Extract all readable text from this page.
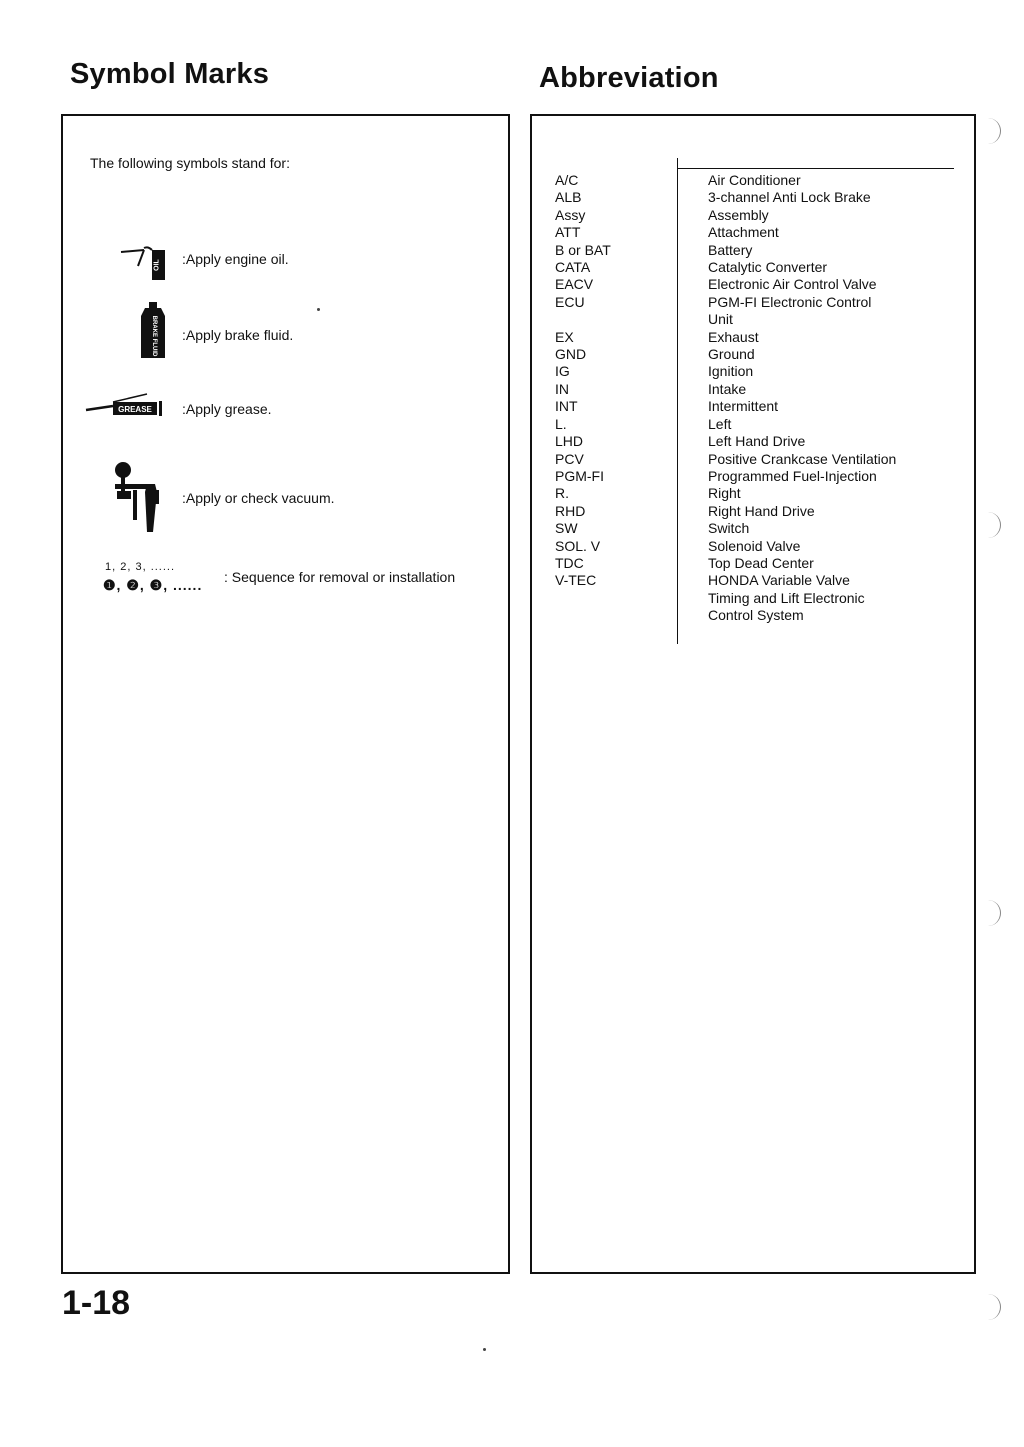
Symbol Marks	Abbreviation
The following symbols stand for:
OIL :Apply engine oil.
BRAKE FLUID :Apply brake fluid.
GREASE :Apply grease.
:Apply or check vacuum.
1, 2, 3, ......
❶, ❷, ❸, ...... : Sequence for removal or installation
A/C	Air Conditioner
ALB	3-channel Anti Lock Brake
Assy	Assembly
ATT	Attachment
B or BAT	Battery
CATA	Catalytic Converter
EACV	Electronic Air Control Valve
ECU	PGM-FI Electronic Control
Unit
EX	Exhaust
GND	Ground
IG	Ignition
IN	Intake
INT	Intermittent
L.	Left
LHD	Left Hand Drive
PCV	Positive Crankcase Ventilation
PGM-FI	Programmed Fuel-Injection
R.	Right
RHD	Right Hand Drive
SW	Switch
SOL. V	Solenoid Valve
TDC	Top Dead Center
V-TEC	HONDA Variable Valve
Timing and Lift Electronic
Control System
1-18
